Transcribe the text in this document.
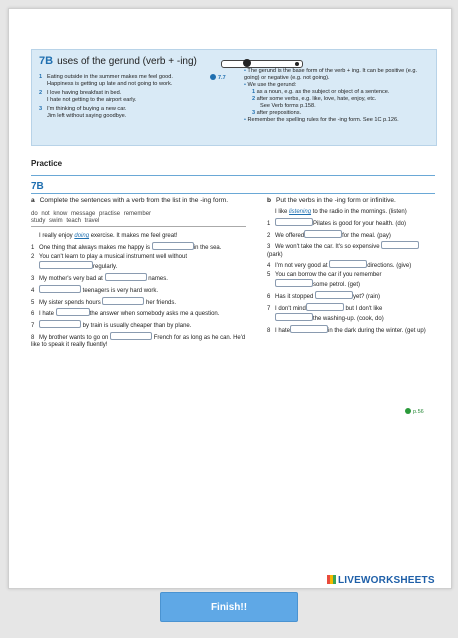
7B uses of the gerund (verb + -ing)
1 Eating outside in the summer makes me feel good.
Happiness is getting up late and not going to work.
2 I love having breakfast in bed.
I hate not getting to the airport early.
3 I'm thinking of buying a new car.
Jim left without saying goodbye.
7.7
• The gerund is the base form of the verb + ing. It can be positive (e.g. going) or negative (e.g. not going).
• We use the gerund:
1 as a noun, e.g. as the subject or object of a sentence.
2 after some verbs, e.g. like, love, hate, enjoy, etc.
See Verb forms p.158.
3 after prepositions.
• Remember the spelling rules for the -ing form. See 1C p.126.
Practice
7B
a Complete the sentences with a verb from the list in the -ing form.
do not know message practise remember
study swim teach travel
I really enjoy doing exercise. It makes me feel great!
1 One thing that always makes me happy is	in the sea.
2 You can't learn to play a musical instrument well without
regularly.
3 My mother's very bad at	names.
4	teenagers is very hard work.
5 My sister spends hours	her friends.
6 I hate	the answer when somebody asks me a question.
7	by train is usually cheaper than by plane.
8 My brother wants to go on	French for as long as he can. He'd like to speak it really fluently!
b Put the verbs in the -ing form or infinitive.
I like listening to the radio in the mornings. (listen)
1	Pilates is good for your health. (do)
2 We offered	for the meal. (pay)
3 We won't take the car. It's so expensive  (park)
4 I'm not very good at	directions. (give)
5 You can borrow the car if you remember
some petrol. (get)
6 Has it stopped	yet? (rain)
7 I don't mind	but I don't like
the washing-up. (cook, do)
8 I hate	in the dark during the winter. (get up)
p.56
LIVEWORKSHEETS
Finish!!
